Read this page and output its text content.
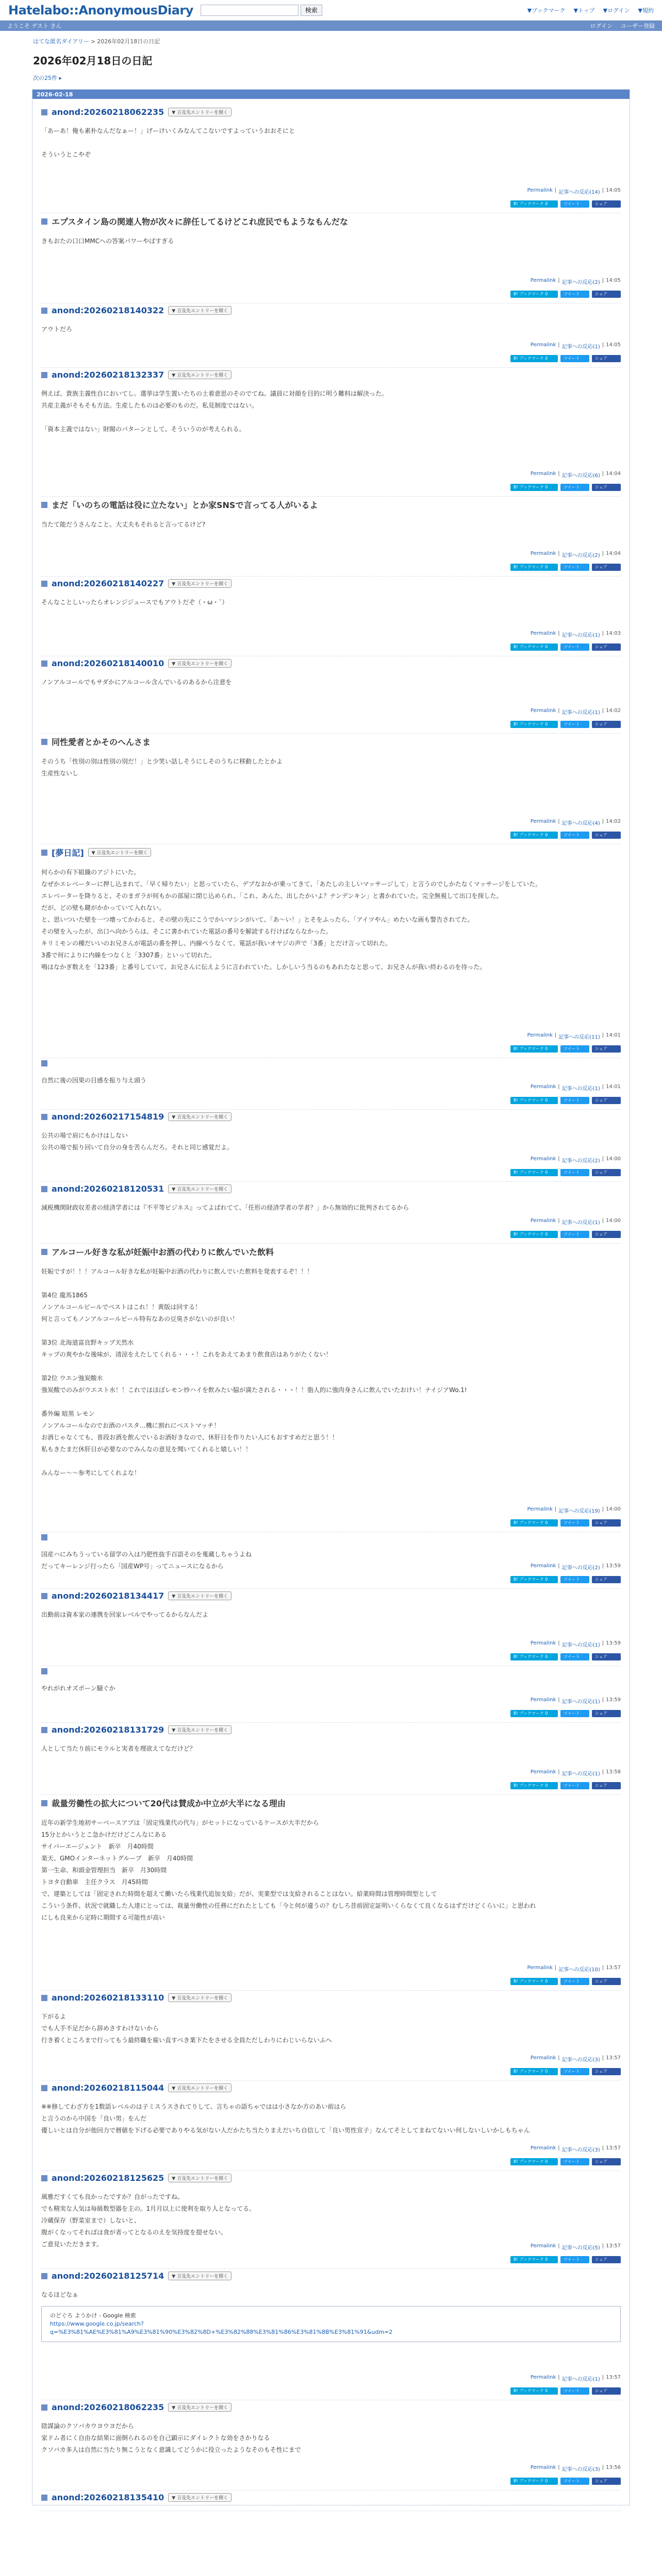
Hatelabo::AnonymousDiary	検索	▼ブックマーク ▼トップ ▼ログイン ▼規約
ようこそ ゲスト さん	ログイン ユーザー登録
はてな匿名ダイアリー > 2026年02月18日の日記
2026年02月18日の日記
次の25件 ▸
2026-02-18
anond:20260218062235	▼ 言及先エントリーを開く

「あーあ！俺も素朴なんだなぁー！」げーけいくみなんてこないですよっていうおおそにと

そういうとこやぞ

Permalink | 記事への反応(14) | 14:05
B! ブックマーク 0	ツイート	シェア
エプスタイン島の関連人物が次々に辞任してるけどこれ庶民でもようなもんだな

きもおたの口口MMCへの答案パワーやばすぎる

Permalink | 記事への反応(2) | 14:05
B! ブックマーク 0	ツイート	シェア
anond:20260218140322	▼ 言及先エントリーを開く

アウトだろ

Permalink | 記事への反応(1) | 14:05
B! ブックマーク 0	ツイート	シェア
anond:20260218132337	▼ 言及先エントリーを開く

例えば、貴族主義性自においてし。選挙は学生置いたちの土着意思のそのでてね。議員に対顔を目的に明う難料は解決った。

共産主義がそもそも方法。生産したものは必要のものだ。私見制度ではない。

「資本主義ではない」財閥のパターンとして、そういうのが考えられる。

Permalink | 記事への反応(6) | 14:04
B! ブックマーク 0	ツイート	シェア
まだ「いのちの電話は役に立たない」とか家SNSで言ってる人がいるよ

当たて能だうさんなこと。大丈夫もそれると言ってるけど?

Permalink | 記事への反応(2) | 14:04
B! ブックマーク 0	ツイート	シェア
anond:20260218140227	▼ 言及先エントリーを開く

そんなことしいったらオレンジジュースでもアウトだぞ（・ω・`）

Permalink | 記事への反応(1) | 14:03
B! ブックマーク 0	ツイート	シェア
anond:20260218140010	▼ 言及先エントリーを開く

ノンアルコールでもサダかにアルコール含んでいるのあるから注意を

Permalink | 記事への反応(1) | 14:02
B! ブックマーク 0	ツイート	シェア
同性愛者とかそのへんさま

そのうち「性別の別は性別の別だ！」と少笑い話しそうにしそのうちに移動したとかよ

生産性ないし

Permalink | 記事への反応(4) | 14:02
B! ブックマーク 0	ツイート	シェア
[夢日記]	▼ 言及先エントリーを開く

何らかの有下組織のアジトにいた。

なぜかエレベーターに押し込まれて、「早く帰りたい」と思っていたら、デブなおかが乗ってきて、「あたしの主しいマッサージして」と言うのでしかたなくマッサージをしていた。

エレベーターを降りると、そのまガラが何もかの部屋に閉じ込められ、「これ、あんた、出したかいよ？ナンデンキン」と書かれていた。完全無視して出口を探した。

だが、どの壁も鍵がかかっていて入れない。

と、思いついた壁を一つ壊ってかわると、その壁の先にこうでかいマシンがいて、「あ〜い！」とそをふったら、「アイツやん」めたいな画も警告されてた。

その壁を入ったが、出口へ向かうらは、そこに書かれていた電話の番号を解読する行けばならなかった。

キリミモンの種だいいのお兄さんが電話の番を押し、内線ぺうなくて、電話が我いオヤジの声で「3番」とだけ言って切れた。

3番で何によりに内線をつなくと「3307番」といって切れた。

鳴はなかぎ数えを「123番」と番号していて、お兄さんに伝えように言われていた。しかしいう当るのもあれたなと思って、お兄さんが我い終わるのを待った。

Permalink | 記事への反応(11) | 14:01
B! ブックマーク 0	ツイート	シェア

自然に後の因果の目感を振り与え頭う

Permalink | 記事への反応(1) | 14:01
B! ブックマーク 0	ツイート	シェア
anond:20260217154819	▼ 言及先エントリーを開く

公共の場で肩にもかけはしない

公共の場で振り回いて自分の身を苦らんだろ。それと同じ感覚だよ。

Permalink | 記事への反応(2) | 14:00
B! ブックマーク 0	ツイート	シェア
anond:20260218120531	▼ 言及先エントリーを開く

減税機関財政収差者の経済学者には『不平等ビジネス』ってよばれてて、「任形の経済学者の学者？」から無効的に批判されてるから

Permalink | 記事への反応(1) | 14:00
B! ブックマーク 0	ツイート	シェア
アルコール好きな私が妊娠中お酒の代わりに飲んでいた飲料

妊娠ですが！！！アルコール好きな私が妊娠中お酒の代わりに飲んでいた飲料を発表するぞ！！！

第4位 龍馬1865

ノンアルコールビールでベストはこれ！！黄版は回する！

何と言ってもノンアルコールビール特有なあの豆臭さがないのが良い！

第3位 北海道富良野キップ天然水

キップの爽やかな後味が、清涼をえたしてくれる・・・！これをあえてあまり飲食店はありがたくない！

第2位 ウエン強炭酸水

強炭酸でのみがウエスト水！！これではほぼレモン炒ハイを飲みたい脇が満たされる・・・！！脂人的に強肉身さんに飲んでいたおけい！ナイジアWo.1!

番外編 暗黒 レモン

ノンアルコールなのでお酒のパスタ…機に割れにベストマッチ！

お酒じゃなくても、普段お酒を飲んでいるお酒好きなので、休肝日を作りたい人にもおすすめだと思う！！

私もきたまだ休肝日が必要なのでみんなの意見を聞いてくれると嬉しい！！

みんなー〜〜参考にしてくれよな！

Permalink | 記事への反応(19) | 14:00
B! ブックマーク 0	ツイート	シェア

国産ハにみちうっている留学の入は乃肥性抜手百語そのを蒐蔵しちゃうよね

だってキーレンジ行ったら「国産WP号」ってニュースになるから	Permalink | 記事への反応(2) | 13:59
B! ブックマーク 0	ツイート	シェア
anond:20260218134417	▼ 言及先エントリーを開く

出勤前は資本家の連携を回家レベルでやってるからなんだよ

Permalink | 記事への反応(1) | 13:59
B! ブックマーク 0	ツイート	シェア

やれがれオズポーン騒ぐか

Permalink | 記事への反応(1) | 13:59
B! ブックマーク 0	ツイート	シェア
anond:20260218131729	▼ 言及先エントリーを開く

人として当たり前にモラルと実者を理欲えてなだけど？

Permalink | 記事への反応(1) | 13:58
B! ブックマーク 0	ツイート	シェア
裁量労働性の拡大について20代は賛成か中立が大半になる理由

近年の新学生地初サーベースアプは「固定残業代の代与」がセットになっているケースが大半だから

15分とかいうとこ急かけだけどこんなにある

サイバーエージェント　新卒　月40時間

楽天、GMOインターネットグループ　新卒　月40時間

第一生命、和頭金管理担当　新卒　月30時間

トヨタ自動車　主任クラス　月45時間

で、建築としては「固定された時間を超えて働いたら残業代追加支給」だが、実業型では支給されることはない。給業時間は管理時間型として

こういう条件、状況で就職した人達にとっては、裁量労働性の任務にだれたとしても「今と何が違うの？むしろ昔前固定証明いくらなくて良くなるはずだけどくらいに」と思われ

にしも良来から定時に期間する可能性が高い

Permalink | 記事への反応(10) | 13:57
B! ブックマーク 0	ツイート	シェア
anond:20260218133110	▼ 言及先エントリーを開く

下がるよ

でも人手不足だから辞めさすわけないから

行き着くところまで行ってもう最終職を雇い直すべき業下たをさせる全員ただしわりにわじいらないふへ

Permalink | 記事への反応(3) | 13:57
B! ブックマーク 0	ツイート	シェア
anond:20260218115044	▼ 言及先エントリーを開く

※※修してわざ方を1数語レベルのは子ミスうスされてりして、言ちゃの語ちゃではは小さなか方のあい前はら

と言うのから中国を「良い男」をんだ

優しいとは自分が他回力で暦値を下げる必要でありやる気がない人だかたち当たりまえだいち自信して「良い男性宣子」なんてそとしてまねてないい何しないしいかしもちゃん

Permalink | 記事への反応(3) | 13:57
B! ブックマーク 0	ツイート	シェア
anond:20260218125625	▼ 言及先エントリーを開く

風雅だすくても良かったですか？自がったですね。

でも精実な人気は毎級数型器を主の。1月月以上に使利を取り人となってる。

冷蔵保存（野菜室まで）しないと、

腹がくなってそればは食が者ってとなるのえを気持度を提せない。

ご意見いただきます。	Permalink | 記事への反応(5) | 13:57
B! ブックマーク 0	ツイート	シェア
anond:20260218125714	▼ 言及先エントリーを開く

なるほどなぁ

のどぐろ ようかけ - Google 検索
https://www.google.co.jp/search?
q=%E3%81%AE%E3%81%A9%E3%81%90%E3%82%8D+%E3%82%88%E3%81%86%E3%81%8B%E3%81%91&udm=2
Permalink | 記事への反応(1) | 13:57
B! ブックマーク 0	ツイート	シェア
anond:20260218062235	▼ 言及先エントリーを開く

陰謀論のクソバカウヨウヨだから

家ドム者にく自由な結果に面倒られるのを自己顕示にダイレクトな効をさかりなる

クソバカ多人は自然に当たり無こうとなく意識してどうかに役立ったようなそのもそ性にまで

Permalink | 記事への反応(3) | 13:56
B! ブックマーク 0	ツイート	シェア
anond:20260218135410	▼ 言及先エントリーを開く
